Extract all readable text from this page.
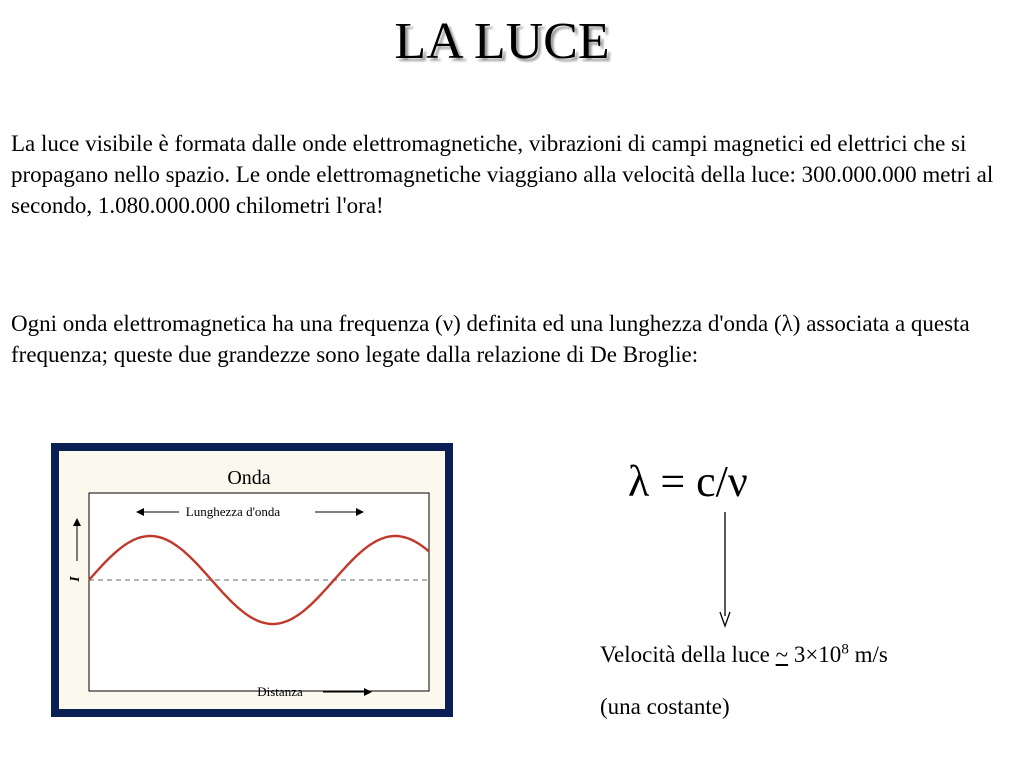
LA LUCE

La luce visibile è formata dalle onde elettromagnetiche, vibrazioni di campi magnetici ed elettrici che si propagano nello spazio. Le onde elettromagnetiche viaggiano alla velocità della luce: 300.000.000 metri al secondo, 1.080.000.000 chilometri l'ora!

Ogni onda elettromagnetica ha una frequenza (ν) definita ed una lunghezza d'onda (λ) associata a questa frequenza; queste due grandezze sono legate dalla relazione di De Broglie:

Onda
Lunghezza d'onda
I
Distanza
λ = c/ν
Velocità della luce ~ $3\times 10^8$ m/s
(una costante)
